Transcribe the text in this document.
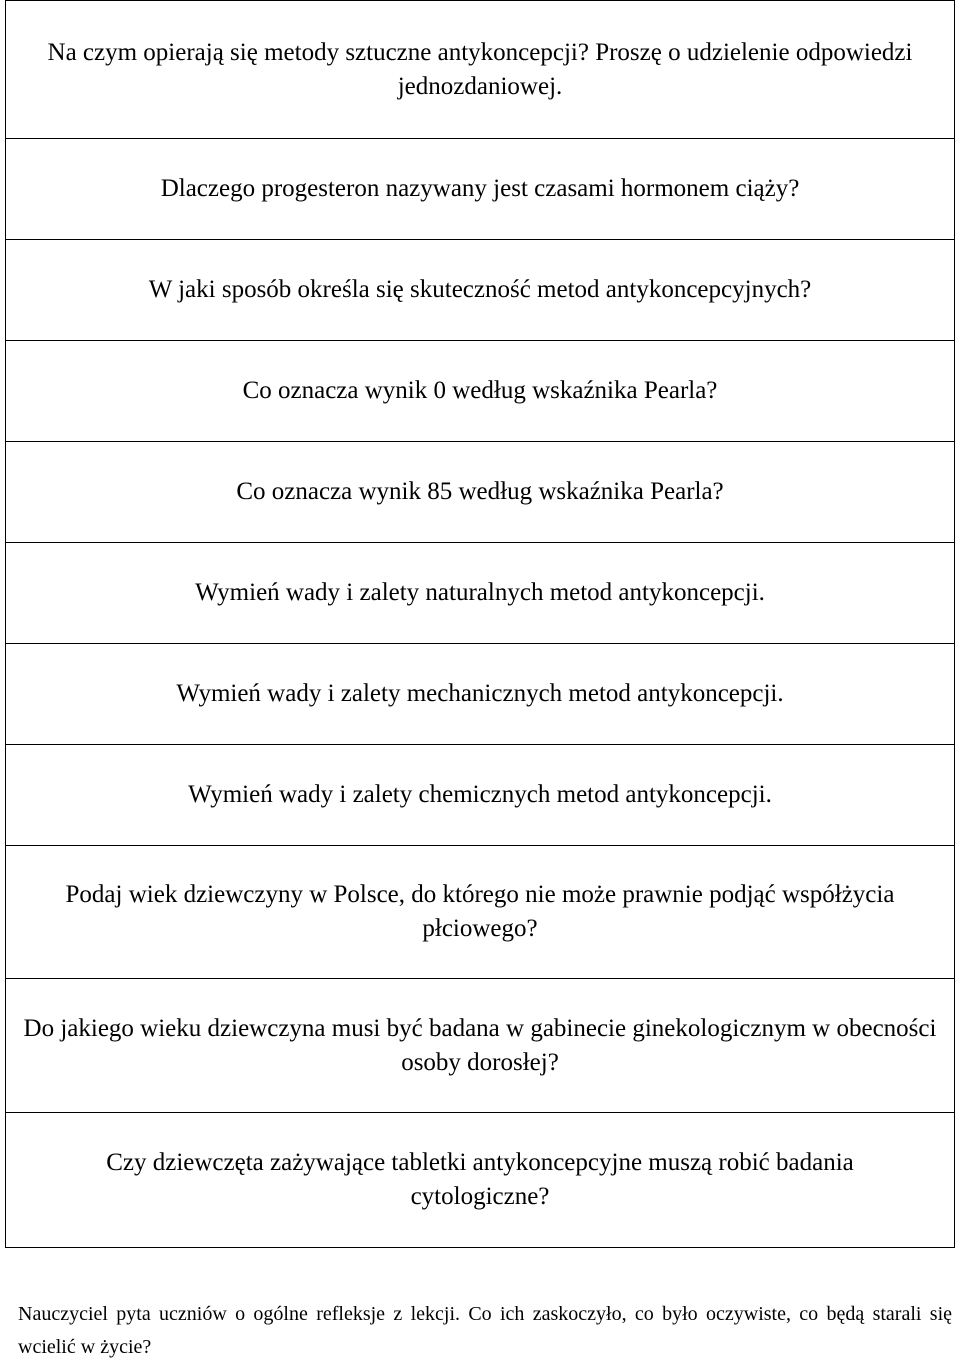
Na czym opierają się metody sztuczne antykoncepcji? Proszę o udzielenie odpowiedzi jednozdaniowej.
Dlaczego progesteron nazywany jest czasami hormonem ciąży?
W jaki sposób określa się skuteczność metod antykoncepcyjnych?
Co oznacza wynik 0 według wskaźnika Pearla?
Co oznacza wynik 85 według wskaźnika Pearla?
Wymień wady i zalety naturalnych metod antykoncepcji.
Wymień wady i zalety mechanicznych metod antykoncepcji.
Wymień wady i zalety chemicznych metod antykoncepcji.
Podaj wiek dziewczyny w Polsce, do którego nie może prawnie podjąć współżycia płciowego?
Do jakiego wieku dziewczyna musi być badana w gabinecie ginekologicznym w obecności osoby dorosłej?
Czy dziewczęta zażywające tabletki antykoncepcyjne muszą robić badania cytologiczne?

Nauczyciel pyta uczniów o ogólne refleksje z lekcji. Co ich zaskoczyło, co było oczywiste, co będą starali się wcielić w życie?
